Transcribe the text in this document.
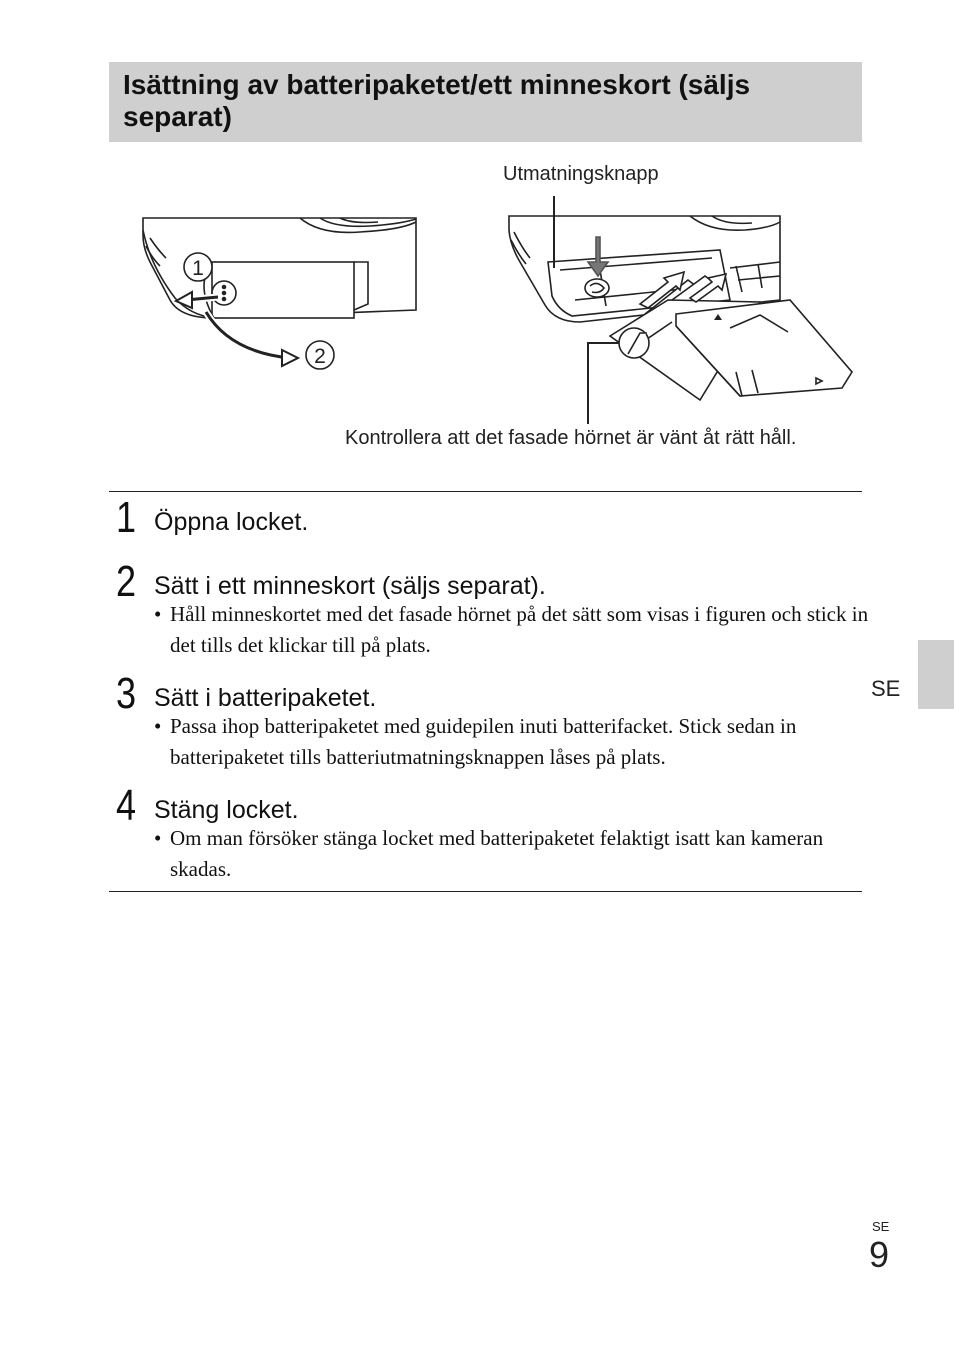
Isättning av batteripaketet/ett minneskort (säljs separat)
1
2
Utmatningsknapp
Kontrollera att det fasade hörnet är vänt åt rätt håll.
1 Öppna locket.
2 Sätt i ett minneskort (säljs separat).
• Håll minneskortet med det fasade hörnet på det sätt som visas i figuren och stick in det tills det klickar till på plats.
3 Sätt i batteripaketet.
• Passa ihop batteripaketet med guidepilen inuti batterifacket. Stick sedan in batteripaketet tills batteriutmatningsknappen låses på plats.
4 Stäng locket.
• Om man försöker stänga locket med batteripaketet felaktigt isatt kan kameran skadas.
SE
SE
9
